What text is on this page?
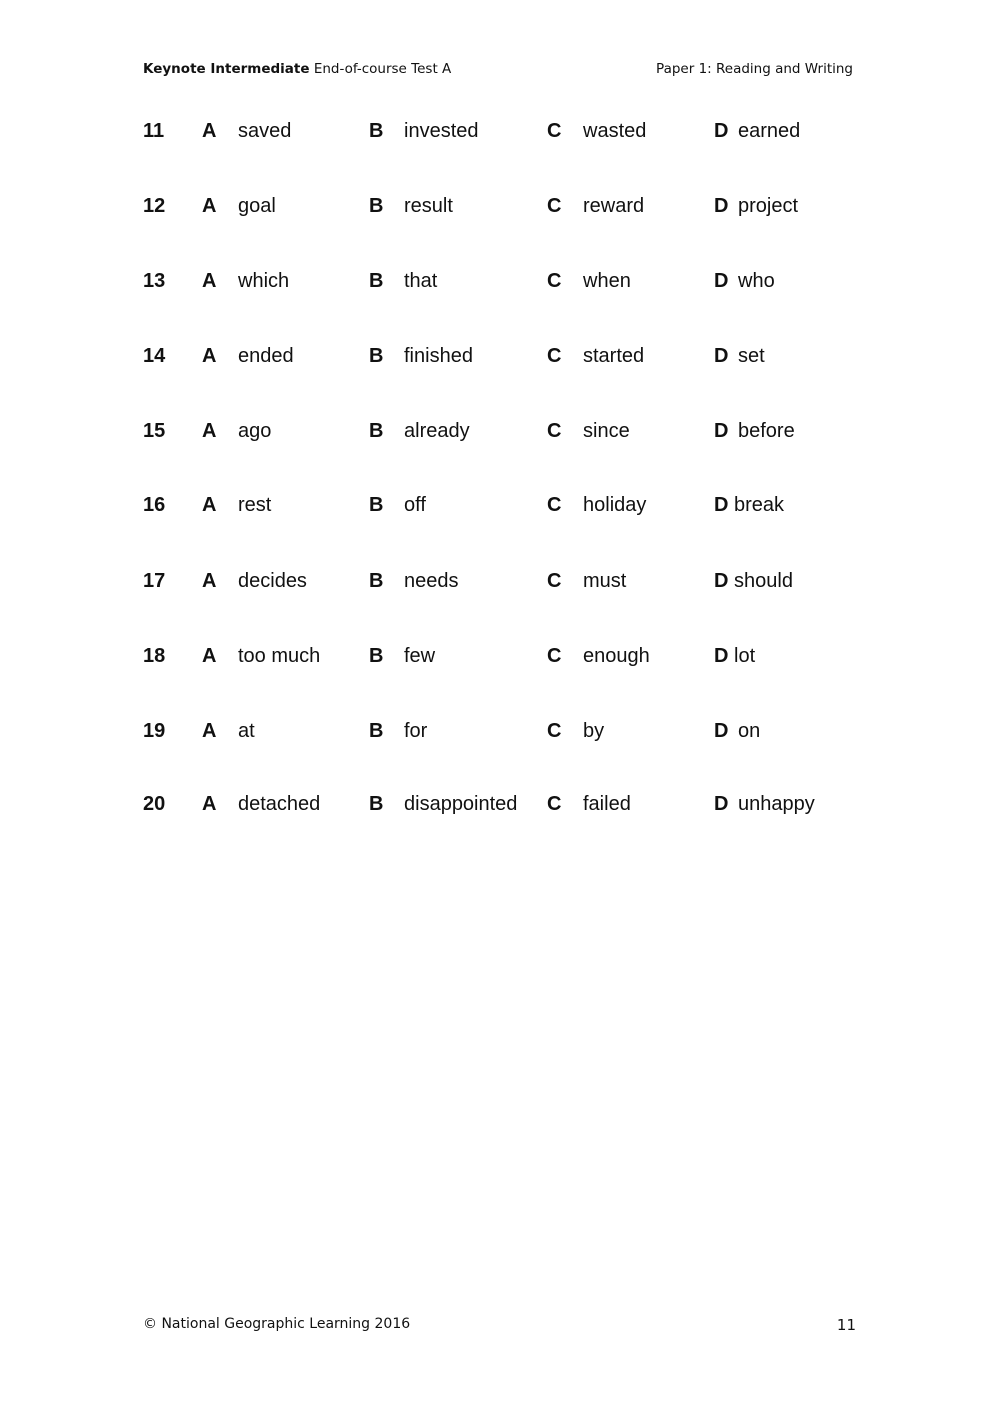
Keynote Intermediate End-of-course Test A	Paper 1: Reading and Writing
11 A saved	B invested	C wasted	D earned
12 A goal	B result	C reward	D project
13 A which	B that	C when	D who
14 A ended	B finished	C started	D set
15 A ago	B already	C since	D before
16 A rest	B off	C holiday	D break
17 A decides	B needs	C must	D should
18 A too much B few	C enough	D lot
19 A at	B for	C by	D on
20 A detached B disappointed C failed	D unhappy
© National Geographic Learning 2016	11
